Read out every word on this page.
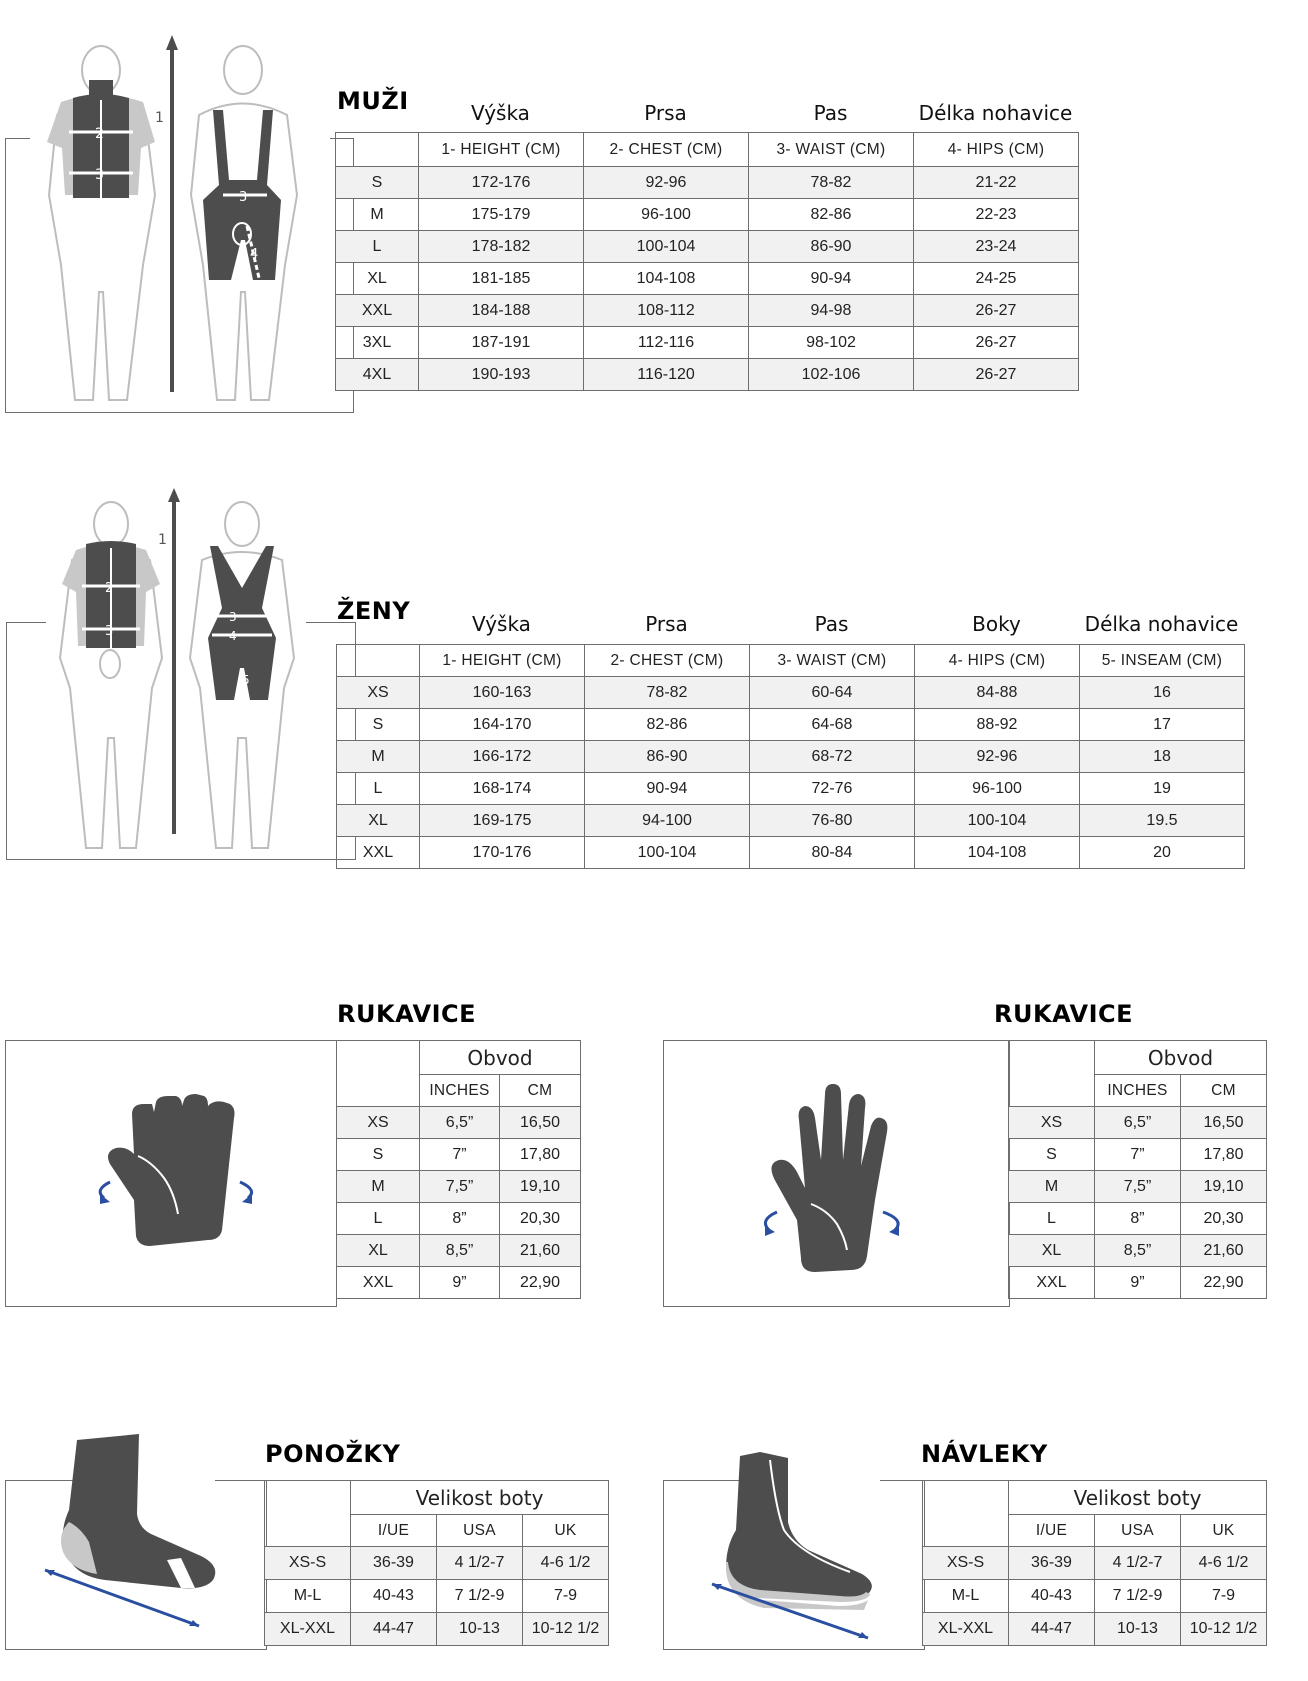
2
3
1
3
4
MUŽI	Výška	Prsa	Pas	Délka nohavice
	1- HEIGHT (CM)	2- CHEST (CM)	3- WAIST (CM)	4- HIPS (CM)
S	172-176	92-96	78-82	21-22
M	175-179	96-100	82-86	22-23
L	178-182	100-104	86-90	23-24
XL	181-185	104-108	90-94	24-25
XXL	184-188	108-112	94-98	26-27
3XL	187-191	112-116	98-102	26-27
4XL	190-193	116-120	102-106	26-27
2
3
1
3
4
5
ŽENY	Výška	Prsa	Pas	Boky	Délka nohavice
	1- HEIGHT (CM)	2- CHEST (CM)	3- WAIST (CM)	4- HIPS (CM)	5- INSEAM (CM)
XS	160-163	78-82	60-64	84-88	16
S	164-170	82-86	64-68	88-92	17
M	166-172	86-90	68-72	92-96	18
L	168-174	90-94	72-76	96-100	19
XL	169-175	94-100	76-80	100-104	19.5
XXL	170-176	100-104	80-84	104-108	20
RUKAVICE
	Obvod	
	INCHES	CM
XS	6,5”	16,50
S	7”	17,80
M	7,5”	19,10
L	8”	20,30
XL	8,5”	21,60
XXL	9”	22,90
RUKAVICE
	Obvod	
	INCHES	CM
XS	6,5”	16,50
S	7”	17,80
M	7,5”	19,10
L	8”	20,30
XL	8,5”	21,60
XXL	9”	22,90
PONOŽKY
	Velikost boty		
	I/UE	USA	UK
XS-S	36-39	4 1/2-7	4-6 1/2
M-L	40-43	7 1/2-9	7-9
XL-XXL	44-47	10-13	10-12 1/2
NÁVLEKY
	Velikost boty		
	I/UE	USA	UK
XS-S	36-39	4 1/2-7	4-6 1/2
M-L	40-43	7 1/2-9	7-9
XL-XXL	44-47	10-13	10-12 1/2
